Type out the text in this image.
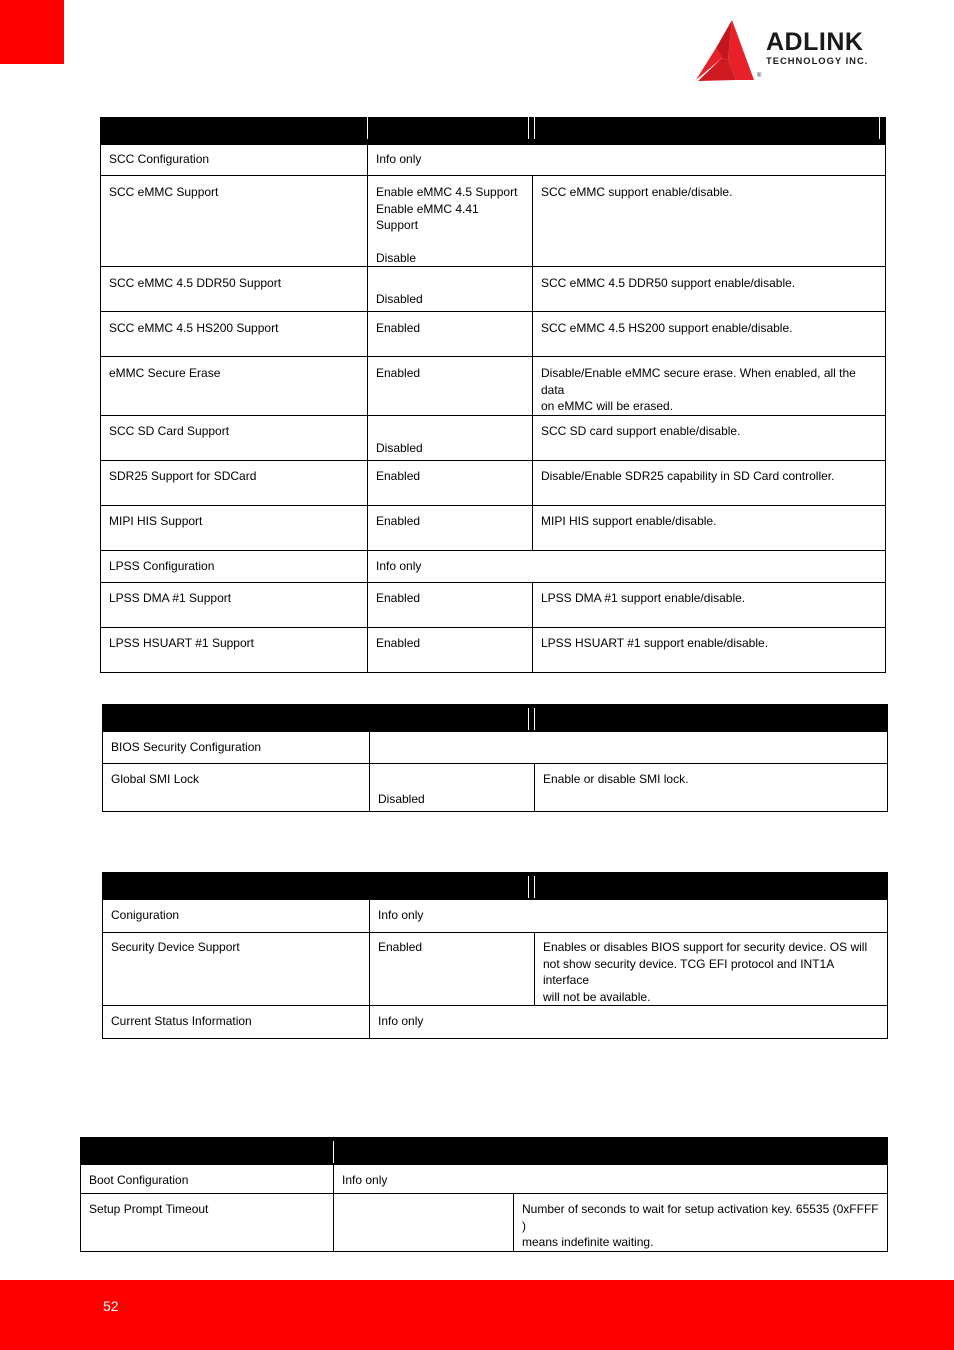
ADLINK
TECHNOLOGY INC.
®

SCC Configuration	Info only	
SCC eMMC Support	Enable eMMC 4.5 Support
Enable eMMC 4.41 Support
Disable	SCC eMMC support enable/disable.
SCC eMMC 4.5 DDR50 Support	Disabled	SCC eMMC 4.5 DDR50 support enable/disable.
SCC eMMC 4.5 HS200 Support	Enabled	SCC eMMC 4.5 HS200 support enable/disable.
eMMC Secure Erase	Enabled	Disable/Enable eMMC secure erase. When enabled, all the data
on eMMC will be erased.

SCC SD Card Support	Disabled	SCC SD card support enable/disable.
SDR25 Support for SDCard	Enabled	Disable/Enable SDR25 capability in SD Card controller.
MIPI HIS Support	Enabled	MIPI HIS support enable/disable.
LPSS Configuration	Info only	
LPSS DMA #1 Support	Enabled	LPSS DMA #1 support enable/disable.
LPSS HSUART #1 Support	Enabled	LPSS HSUART #1 support enable/disable.

BIOS Security Configuration		
Global SMI Lock	Disabled	Enable or disable SMI lock.

Coniguration	Info only	
Security Device Support	Enabled	Enables or disables BIOS support for security device. OS will
not show security device. TCG EFI protocol and INT1A interface
will not be available.

Current Status Information	Info only	

Boot Configuration	Info only	
Setup Prompt Timeout		Number of seconds to wait for setup activation key. 65535 (0xFFFF )
means indefinite waiting.
52
